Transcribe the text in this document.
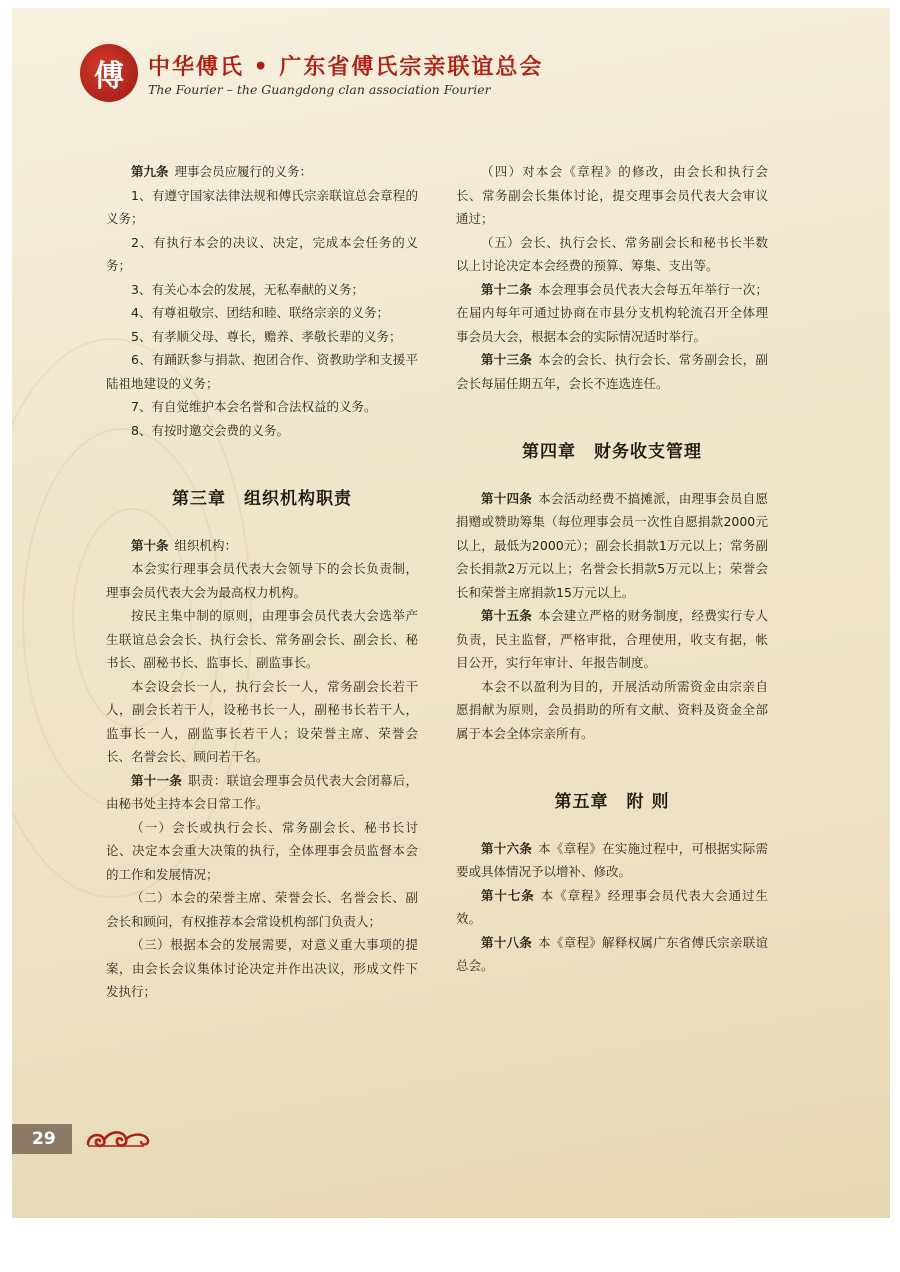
傅 中华傅氏 • 广东省傅氏宗亲联谊总会
The Fourier – the Guangdong clan association Fourier
第九条 理事会员应履行的义务：
1、有遵守国家法律法规和傅氏宗亲联谊总会章程的义务；
2、有执行本会的决议、决定，完成本会任务的义务；
3、有关心本会的发展，无私奉献的义务；
4、有尊祖敬宗、团结和睦、联络宗亲的义务；
5、有孝顺父母、尊长，赡养、孝敬长辈的义务；
6、有踊跃参与捐款、抱团合作、资教助学和支援平陆祖地建设的义务；
7、有自觉维护本会名誉和合法权益的义务。
8、有按时邀交会费的义务。
第三章　组织机构职责
第十条 组织机构：
本会实行理事会员代表大会领导下的会长负责制，理事会员代表大会为最高权力机构。
按民主集中制的原则，由理事会员代表大会选举产生联谊总会会长、执行会长、常务副会长、副会长、秘书长、副秘书长、监事长、副监事长。
本会设会长一人，执行会长一人，常务副会长若干人，副会长若干人，设秘书长一人，副秘书长若干人，监事长一人，副监事长若干人；设荣誉主席、荣誉会长、名誉会长、顾问若干名。
第十一条 职责：联谊会理事会员代表大会闭幕后，由秘书处主持本会日常工作。
（一）会长或执行会长、常务副会长、秘书长讨论、决定本会重大决策的执行，全体理事会员监督本会的工作和发展情况；
（二）本会的荣誉主席、荣誉会长、名誉会长、副会长和顾问，有权推荐本会常设机构部门负责人；
（三）根据本会的发展需要，对意义重大事项的提案，由会长会议集体讨论决定并作出决议，形成文件下发执行；
（四）对本会《章程》的修改，由会长和执行会长、常务副会长集体讨论，提交理事会员代表大会审议通过；
（五）会长、执行会长、常务副会长和秘书长半数以上讨论决定本会经费的预算、筹集、支出等。
第十二条 本会理事会员代表大会每五年举行一次；在届内每年可通过协商在市县分支机构轮流召开全体理事会员大会，根据本会的实际情况适时举行。
第十三条 本会的会长、执行会长、常务副会长，副会长每届任期五年，会长不连选连任。
第四章　财务收支管理
第十四条 本会活动经费不搞摊派，由理事会员自愿捐赠或赞助筹集（每位理事会员一次性自愿捐款2000元以上，最低为2000元）；副会长捐款1万元以上；常务副会长捐款2万元以上；名誉会长捐款5万元以上；荣誉会长和荣誉主席捐款15万元以上。
第十五条 本会建立严格的财务制度，经费实行专人负责，民主监督，严格审批，合理使用，收支有据，帐目公开，实行年审计、年报告制度。
本会不以盈利为目的，开展活动所需资金由宗亲自愿捐献为原则，会员捐助的所有文献、资料及资金全部属于本会全体宗亲所有。
第五章　附 则
第十六条 本《章程》在实施过程中，可根据实际需要或具体情况予以增补、修改。
第十七条 本《章程》经理事会员代表大会通过生效。
第十八条 本《章程》解释权属广东省傅氏宗亲联谊总会。
29
